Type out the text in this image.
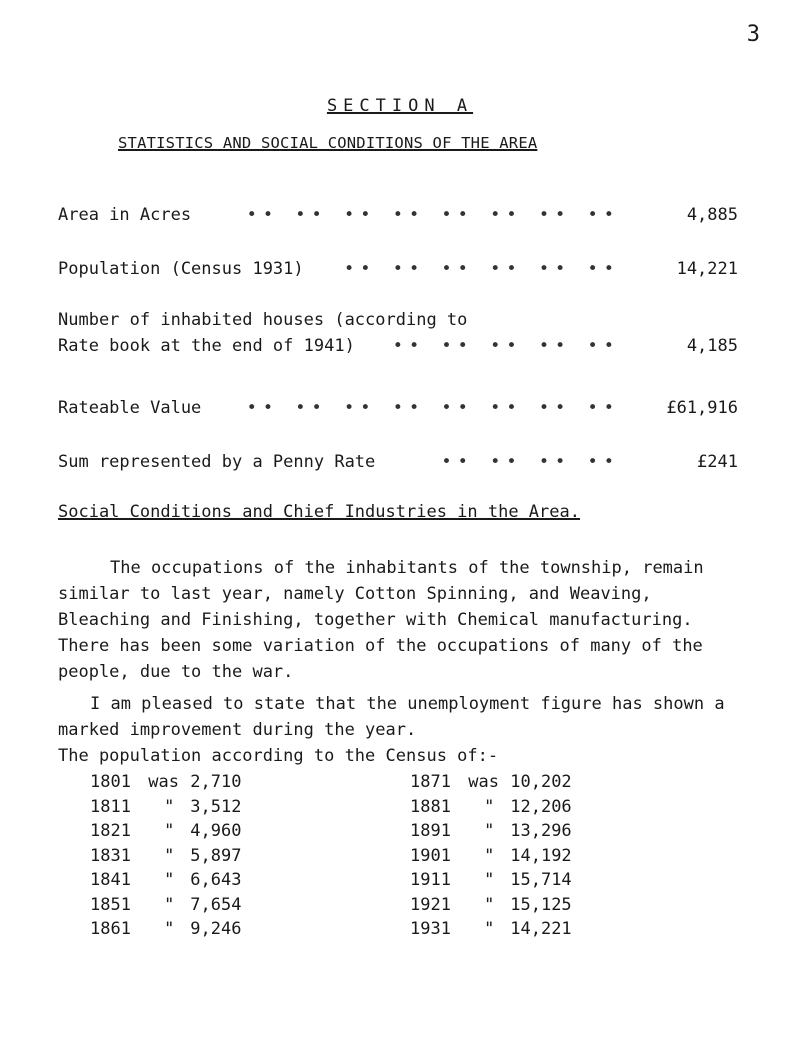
3
SECTION A
STATISTICS AND SOCIAL CONDITIONS OF THE AREA
Area in Acres	•• •• •• •• •• •• •• ••	4,885
Population (Census 1931) •• •• •• •• •• ••	14,221
Number of inhabited houses (according to
Rate book at the end of 1941) •• •• •• •• ••	4,185
Rateable Value	•• •• •• •• •• •• •• ••	£61,916
Sum represented by a Penny Rate	•• •• •• ••	£241
Social Conditions and Chief Industries in the Area.

The occupations of the inhabitants of the township, remain similar to last year, namely Cotton Spinning, and Weaving, Bleaching and Finishing, together with Chemical manufacturing. There has been some variation of the occupations of many of the people, due to the war.

I am pleased to state that the unemployment figure has shown a marked improvement during the year.

The population according to the Census of:-

1801 was 2,710
1811 " 3,512
1821 " 4,960
1831 " 5,897
1841 " 6,643
1851 " 7,654
1861 " 9,246
1871 was 10,202
1881 " 12,206
1891 " 13,296
1901 " 14,192
1911 " 15,714
1921 " 15,125
1931 " 14,221
